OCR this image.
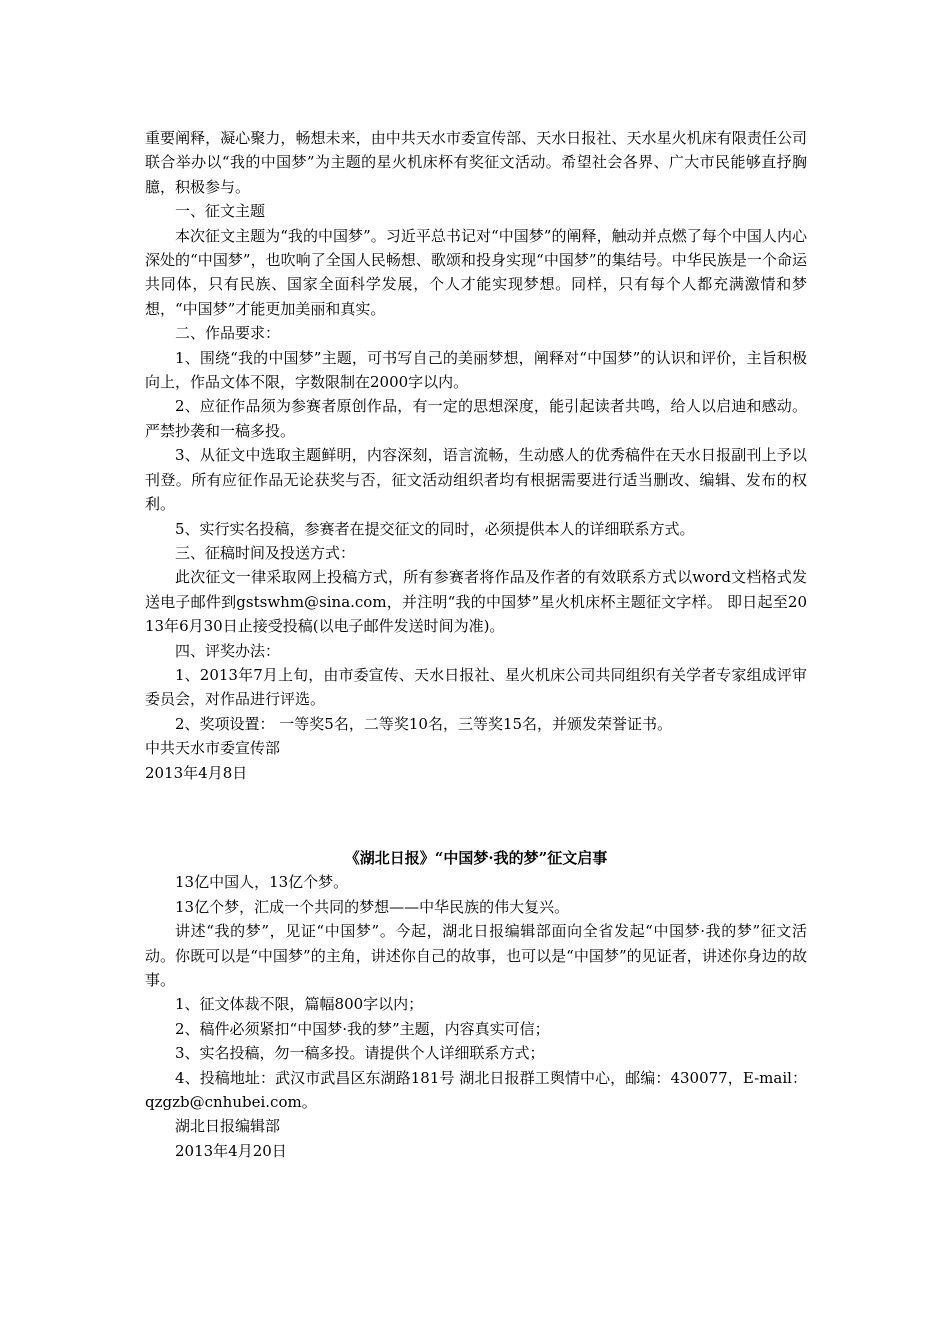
重要阐释，凝心聚力，畅想未来，由中共天水市委宣传部、天水日报社、天水星火机床有限责任公司联合举办以“我的中国梦”为主题的星火机床杯有奖征文活动。希望社会各界、广大市民能够直抒胸臆，积极参与。

一、征文主题

本次征文主题为“我的中国梦”。习近平总书记对“中国梦”的阐释，触动并点燃了每个中国人内心深处的“中国梦”，也吹响了全国人民畅想、歌颂和投身实现“中国梦”的集结号。中华民族是一个命运共同体，只有民族、国家全面科学发展，个人才能实现梦想。同样，只有每个人都充满激情和梦想，“中国梦”才能更加美丽和真实。

二、作品要求：

1、围绕“我的中国梦”主题，可书写自己的美丽梦想，阐释对“中国梦”的认识和评价，主旨积极向上，作品文体不限，字数限制在2000字以内。

2、应征作品须为参赛者原创作品，有一定的思想深度，能引起读者共鸣，给人以启迪和感动。严禁抄袭和一稿多投。

3、从征文中选取主题鲜明，内容深刻，语言流畅，生动感人的优秀稿件在天水日报副刊上予以刊登。所有应征作品无论获奖与否，征文活动组织者均有根据需要进行适当删改、编辑、发布的权利。

5、实行实名投稿，参赛者在提交征文的同时，必须提供本人的详细联系方式。

三、征稿时间及投送方式：

此次征文一律采取网上投稿方式，所有参赛者将作品及作者的有效联系方式以word文档格式发送电子邮件到gstswhm@sina.com，并注明“我的中国梦”星火机床杯主题征文字样。 即日起至2013年6月30日止接受投稿(以电子邮件发送时间为准)。

四、评奖办法：

1、2013年7月上旬，由市委宣传、天水日报社、星火机床公司共同组织有关学者专家组成评审委员会，对作品进行评选。

2、奖项设置： 一等奖5名，二等奖10名，三等奖15名，并颁发荣誉证书。

中共天水市委宣传部

2013年4月8日

《湖北日报》“中国梦·我的梦”征文启事

13亿中国人，13亿个梦。

13亿个梦，汇成一个共同的梦想——中华民族的伟大复兴。

讲述“我的梦”，见证“中国梦”。今起，湖北日报编辑部面向全省发起“中国梦·我的梦”征文活动。你既可以是“中国梦”的主角，讲述你自己的故事，也可以是“中国梦”的见证者，讲述你身边的故事。

1、征文体裁不限，篇幅800字以内；

2、稿件必须紧扣“中国梦·我的梦”主题，内容真实可信；

3、实名投稿，勿一稿多投。请提供个人详细联系方式；

4、投稿地址：武汉市武昌区东湖路181号 湖北日报群工舆情中心，邮编：430077，E-mail：qzgzb@cnhubei.com。

湖北日报编辑部

2013年4月20日
